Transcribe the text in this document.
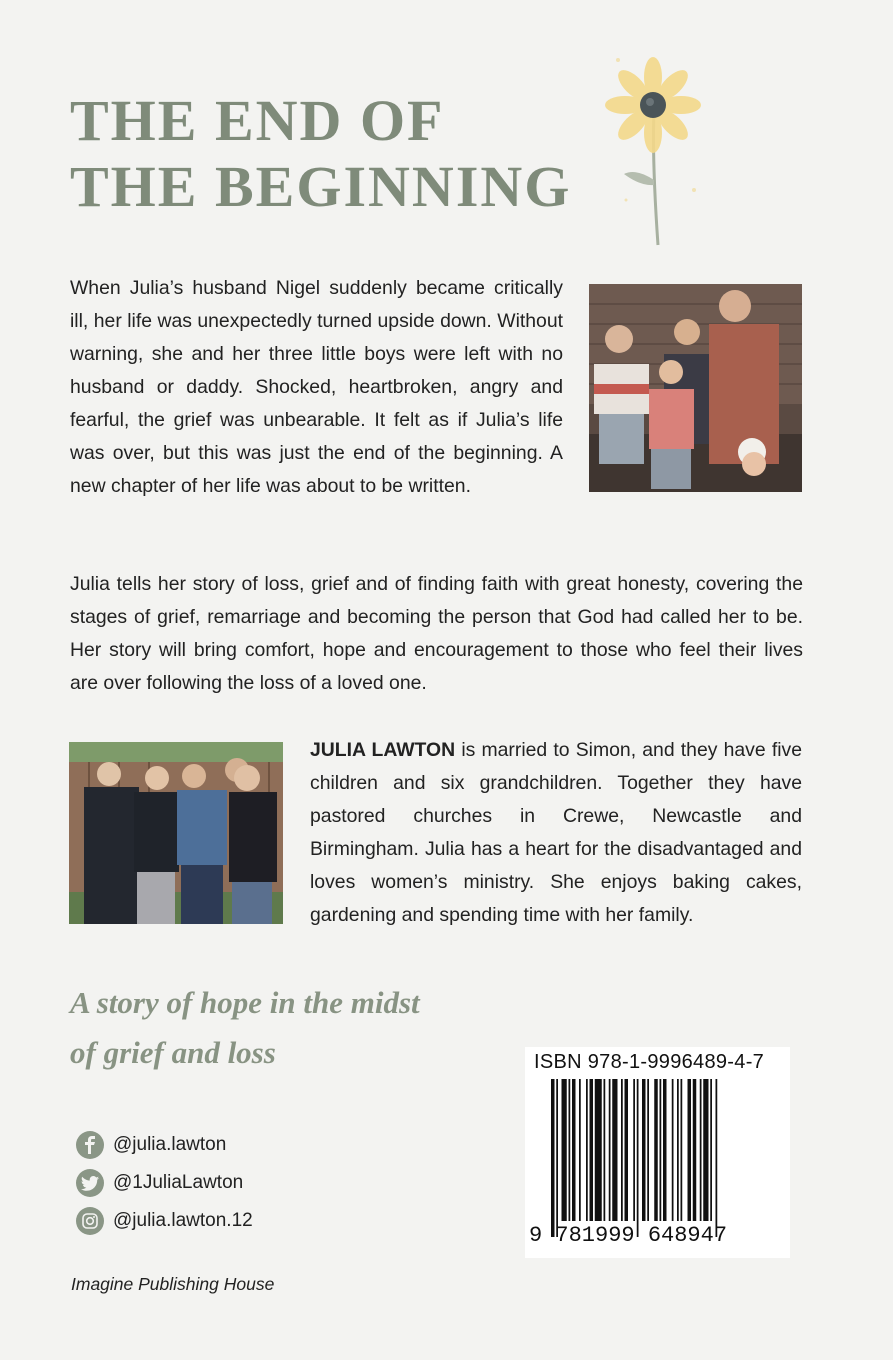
THE END OF
THE BEGINNING

When Julia’s husband Nigel suddenly became critically ill, her life was unexpectedly turned upside down. Without warning, she and her three little boys were left with no husband or daddy. Shocked, heartbroken, angry and fearful, the grief was unbearable. It felt as if Julia’s life was over, but this was just the end of the beginning. A new chapter of her life was about to be written.

Julia tells her story of loss, grief and of finding faith with great honesty, covering the stages of grief, remarriage and becoming the person that God had called her to be. Her story will bring comfort, hope and encouragement to those who feel their lives are over following the loss of a loved one.

JULIA LAWTON is married to Simon, and they have five children and six grandchildren. Together they have pastored churches in Crewe, Newcastle and Birmingham. Julia has a heart for the disadvantaged and loves women’s ministry. She enjoys baking cakes, gardening and spending time with her family.

A story of hope in the midst
of grief and loss
@julia.lawton
@1JuliaLawton
@julia.lawton.12
Imagine Publishing House
ISBN 978-1-9996489-4-7
9 781999 648947
